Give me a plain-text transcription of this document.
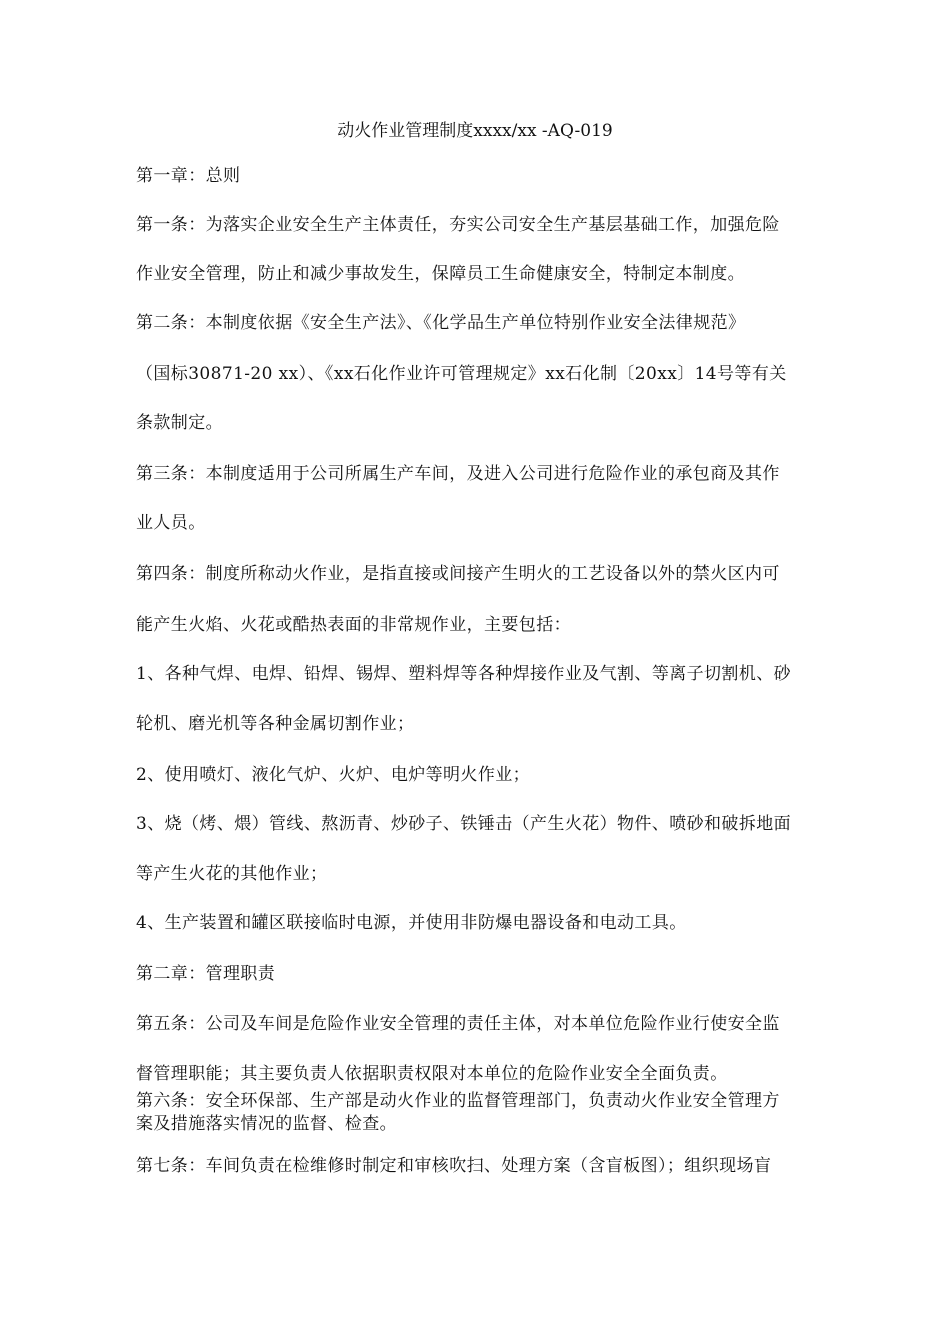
动火作业管理制度xxxx/xx -AQ-019
第一章：总则
第一条：为落实企业安全生产主体责任，夯实公司安全生产基层基础工作，加强危险
作业安全管理，防止和减少事故发生，保障员工生命健康安全，特制定本制度。
第二条：本制度依据《安全生产法》、《化学品生产单位特别作业安全法律规范》
（国标30871-20 xx）、《xx石化作业许可管理规定》xx石化制〔20xx〕14号等有关
条款制定。
第三条：本制度适用于公司所属生产车间，及进入公司进行危险作业的承包商及其作
业人员。
第四条：制度所称动火作业，是指直接或间接产生明火的工艺设备以外的禁火区内可
能产生火焰、火花或酷热表面的非常规作业，主要包括：
1、各种气焊、电焊、铅焊、锡焊、塑料焊等各种焊接作业及气割、等离子切割机、砂
轮机、磨光机等各种金属切割作业；
2、使用喷灯、液化气炉、火炉、电炉等明火作业；
3、烧（烤、煨）管线、熬沥青、炒砂子、铁锤击（产生火花）物件、喷砂和破拆地面
等产生火花的其他作业；
4、生产装置和罐区联接临时电源，并使用非防爆电器设备和电动工具。
第二章：管理职责
第五条：公司及车间是危险作业安全管理的责任主体，对本单位危险作业行使安全监
督管理职能；其主要负责人依据职责权限对本单位的危险作业安全全面负责。
第六条：安全环保部、生产部是动火作业的监督管理部门，负责动火作业安全管理方
案及措施落实情况的监督、检查。
第七条：车间负责在检维修时制定和审核吹扫、处理方案（含盲板图）；组织现场盲
